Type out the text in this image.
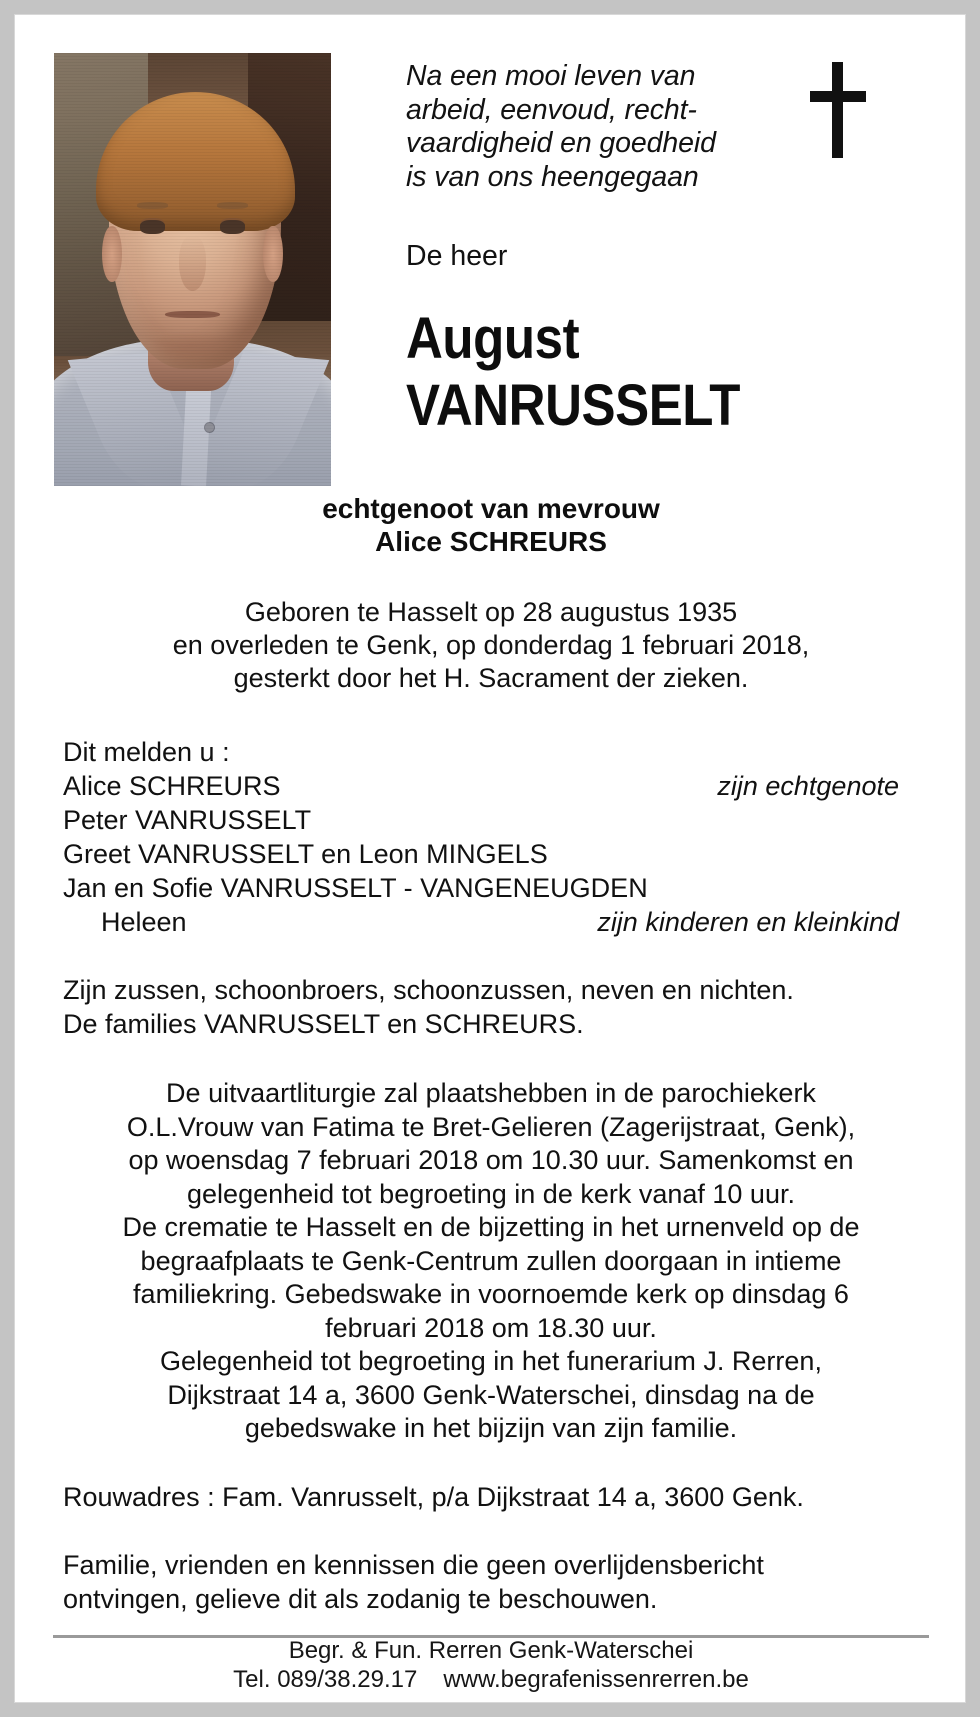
Na een mooi leven van
arbeid, eenvoud, recht-
vaardigheid en goedheid
is van ons heengegaan
De heer
August
VANRUSSELT
echtgenoot van mevrouw
Alice SCHREURS
Geboren te Hasselt op 28 augustus 1935
en overleden te Genk, op donderdag 1 februari 2018,
gesterkt door het H. Sacrament der zieken.
Dit melden u :
Alice SCHREURS	zijn echtgenote
Peter VANRUSSELT
Greet VANRUSSELT en Leon MINGELS
Jan en Sofie VANRUSSELT - VANGENEUGDEN
Heleen	zijn kinderen en kleinkind
Zijn zussen, schoonbroers, schoonzussen, neven en nichten.
De families VANRUSSELT en SCHREURS.
De uitvaartliturgie zal plaatshebben in de parochiekerk
O.L.Vrouw van Fatima te Bret-Gelieren (Zagerijstraat, Genk),
op woensdag 7 februari 2018 om 10.30 uur. Samenkomst en
gelegenheid tot begroeting in de kerk vanaf 10 uur.
De crematie te Hasselt en de bijzetting in het urnenveld op de
begraafplaats te Genk-Centrum zullen doorgaan in intieme
familiekring. Gebedswake in voornoemde kerk op dinsdag 6
februari 2018 om 18.30 uur.
Gelegenheid tot begroeting in het funerarium J. Rerren,
Dijkstraat 14 a, 3600 Genk-Waterschei, dinsdag na de
gebedswake in het bijzijn van zijn familie.
Rouwadres : Fam. Vanrusselt, p/a Dijkstraat 14 a, 3600 Genk.
Familie, vrienden en kennissen die geen overlijdensbericht
ontvingen, gelieve dit als zodanig te beschouwen.
Begr. & Fun. Rerren Genk-Waterschei
Tel. 089/38.29.17 www.begrafenissenrerren.be
